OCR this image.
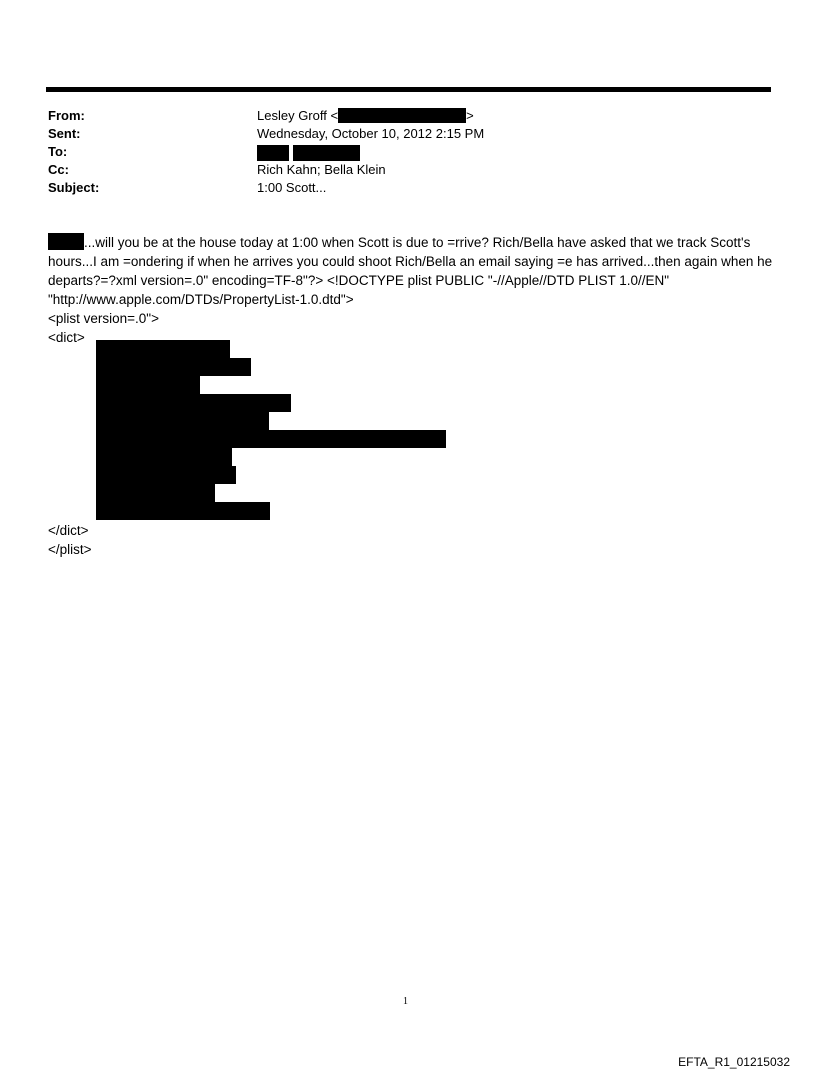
From:
Sent:
To:
Cc:
Subject:
Lesley Groff <	>
Wednesday, October 10, 2012 2:15 PM
Rich Kahn; Bella Klein
1:00 Scott...
...will you be at the house today at 1:00 when Scott is due to =rrive? Rich/Bella have asked that we track Scott's
hours...I am =ondering if when he arrives you could shoot Rich/Bella an email saying =e has arrived...then again when he
departs?=?xml version=.0" encoding=TF-8"?> <!DOCTYPE plist PUBLIC "-//Apple//DTD PLIST 1.0//EN"
"http://www.apple.com/DTDs/PropertyList-1.0.dtd">
<plist version=.0">
<dict>
</dict>
</plist>
1
EFTA_R1_01215032
